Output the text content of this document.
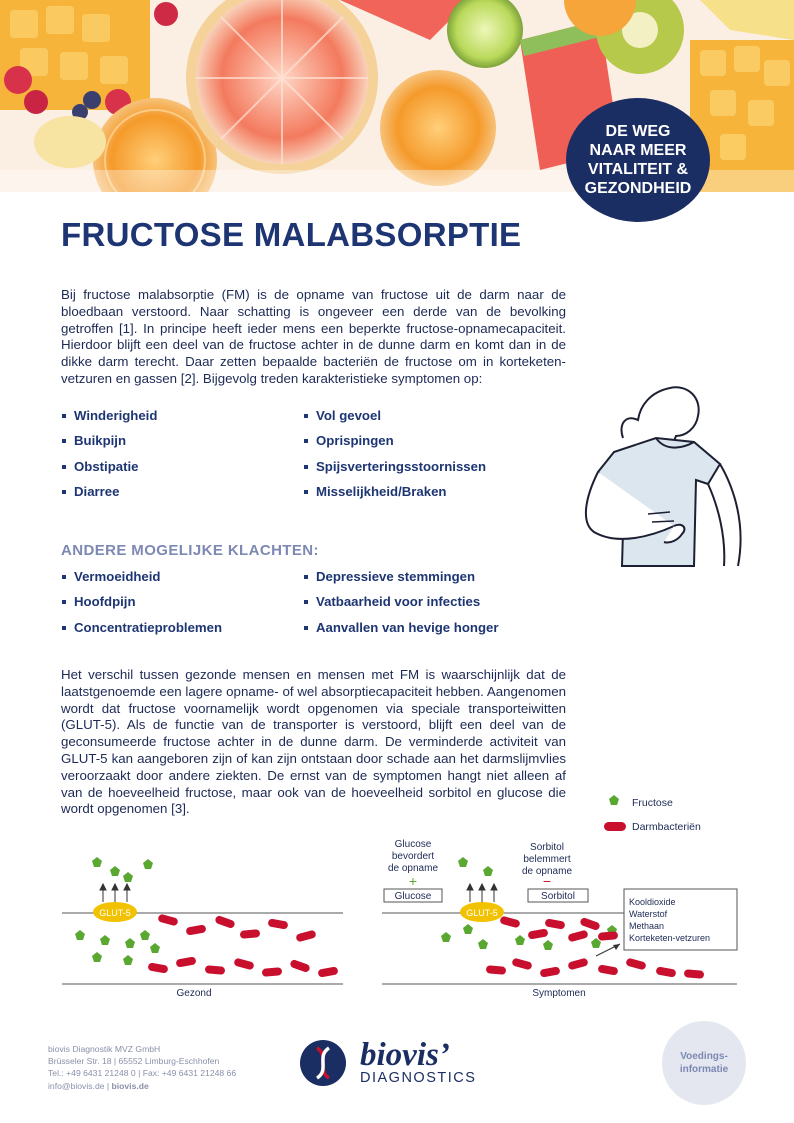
DE WEG
NAAR MEER
VITALITEIT &
GEZONDHEID
FRUCTOSE MALABSORPTIE

Bij fructose malabsorptie (FM) is de opname van fructose uit de darm naar de bloedbaan verstoord. Naar schatting is ongeveer een derde van de bevolking getroffen [1]. In principe heeft ieder mens een beperkte fructose-opnamecapaciteit. Hierdoor blijft een deel van de fructose achter in de dunne darm en komt dan in de dikke darm terecht. Daar zetten bepaalde bacteriën de fructose om in korteketen-vetzuren en gassen [2]. Bijgevolg treden karakteristieke symptomen op:

Winderigheid
Buikpijn
Obstipatie
Diarree
Vol gevoel
Oprispingen
Spijsverteringsstoornissen
Misselijkheid/Braken
ANDERE MOGELIJKE KLACHTEN:
Vermoeidheid
Hoofdpijn
Concentratieproblemen
Depressieve stemmingen
Vatbaarheid voor infecties
Aanvallen van hevige honger

Het verschil tussen gezonde mensen en mensen met FM is waarschijnlijk dat de laatstgenoemde een lagere opname- of wel absorptiecapaciteit hebben. Aangenomen wordt dat fructose voornamelijk wordt opgenomen via speciale transporteiwitten (GLUT-5). Als de functie van de transporter is verstoord, blijft een deel van de geconsumeerde fructose achter in de dunne darm. De verminderde activiteit van GLUT-5 kan aangeboren zijn of kan zijn ontstaan door schade aan het darmslijmvlies veroorzaakt door andere ziekten. De ernst van de symptomen hangt niet alleen af van de hoeveelheid fructose, maar ook van de hoeveelheid sorbitol en glucose die wordt opgenomen [3].	Fructose
Darmbacteriën
GLUT-5
Gezond
Glucose
bevordert
de opname
+
Glucose
Sorbitol
belemmert
de opname
−
Sorbitol
GLUT-5
Kooldioxide
Waterstof
Methaan
Korteketen-vetzuren
Symptomen
biovis Diagnostik MVZ GmbH
Brüsseler Str. 18 | 65552 Limburg-Eschhofen
Tel.: +49 6431 21248 0 | Fax: +49 6431 21248 66
info@biovis.de | biovis.de
biovis’
DIAGNOSTICS
Voedings-
informatie
